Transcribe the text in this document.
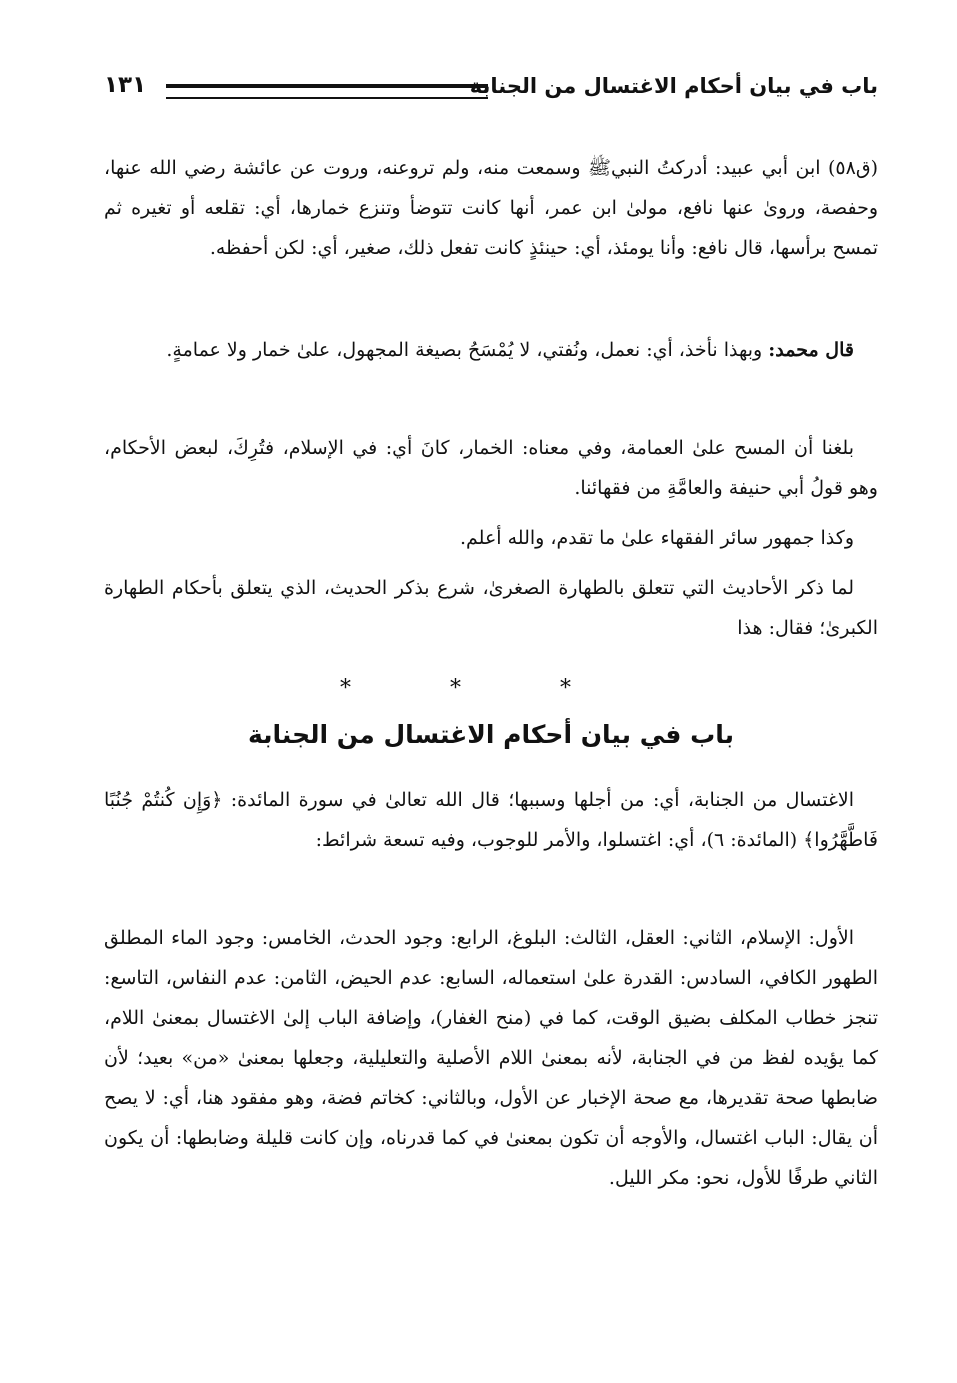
باب في بيان أحكام الاغتسال من الجنابة
١٣١

(ق٥٨) ابن أبي عبيد: أدركتُ النبيﷺ وسمعت منه، ولم تروعنه، وروت عن عائشة رضي الله عنها، وحفصة، وروىٰ عنها نافع، مولىٰ ابن عمر، أنها كانت تتوضأ وتنزع خمارها، أي: تقلعه أو تغيره ثم تمسح برأسها، قال نافع: وأنا يومئذ، أي: حينئذٍ كانت تفعل ذلك، صغير، أي: لكن أحفظه.

قال محمد: وبهذا نأخذ، أي: نعمل، ونُفتي، لا يُمْسَحُ بصيغة المجهول، علىٰ خمار ولا عمامةٍ.

بلغنا أن المسح علىٰ العمامة، وفي معناه: الخمار، كانَ أي: في الإسلام، فتُرِكَ، لبعض الأحكام، وهو قولُ أبي حنيفة والعامَّةِ من فقهائنا.

وكذا جمهور سائر الفقهاء علىٰ ما تقدم، والله أعلم.

لما ذكر الأحاديث التي تتعلق بالطهارة الصغرىٰ، شرع بذكر الحديث، الذي يتعلق بأحكام الطهارة الكبرىٰ؛ فقال: هذا

* * *
باب في بيان أحكام الاغتسال من الجنابة

الاغتسال من الجنابة، أي: من أجلها وسببها؛ قال الله تعالىٰ في سورة المائدة: ﴿وَإِن كُنتُمْ جُنُبًا فَاطَّهَّرُوا﴾ (المائدة: ٦)، أي: اغتسلوا، والأمر للوجوب، وفيه تسعة شرائط:

الأول: الإسلام، الثاني: العقل، الثالث: البلوغ، الرابع: وجود الحدث، الخامس: وجود الماء المطلق الطهور الكافي، السادس: القدرة علىٰ استعماله، السابع: عدم الحيض، الثامن: عدم النفاس، التاسع: تنجز خطاب المكلف بضيق الوقت، كما في (منح الغفار)، وإضافة الباب إلىٰ الاغتسال بمعنىٰ اللام، كما يؤيده لفظ من في الجنابة، لأنه بمعنىٰ اللام الأصلية والتعليلية، وجعلها بمعنىٰ «من» بعيد؛ لأن ضابطها صحة تقديرها، مع صحة الإخبار عن الأول، وبالثاني: كخاتم فضة، وهو مفقود هنا، أي: لا يصح أن يقال: الباب اغتسال، والأوجه أن تكون بمعنىٰ في كما قدرناه، وإن كانت قليلة وضابطها: أن يكون الثاني طرفًا للأول، نحو: مكر الليل.
